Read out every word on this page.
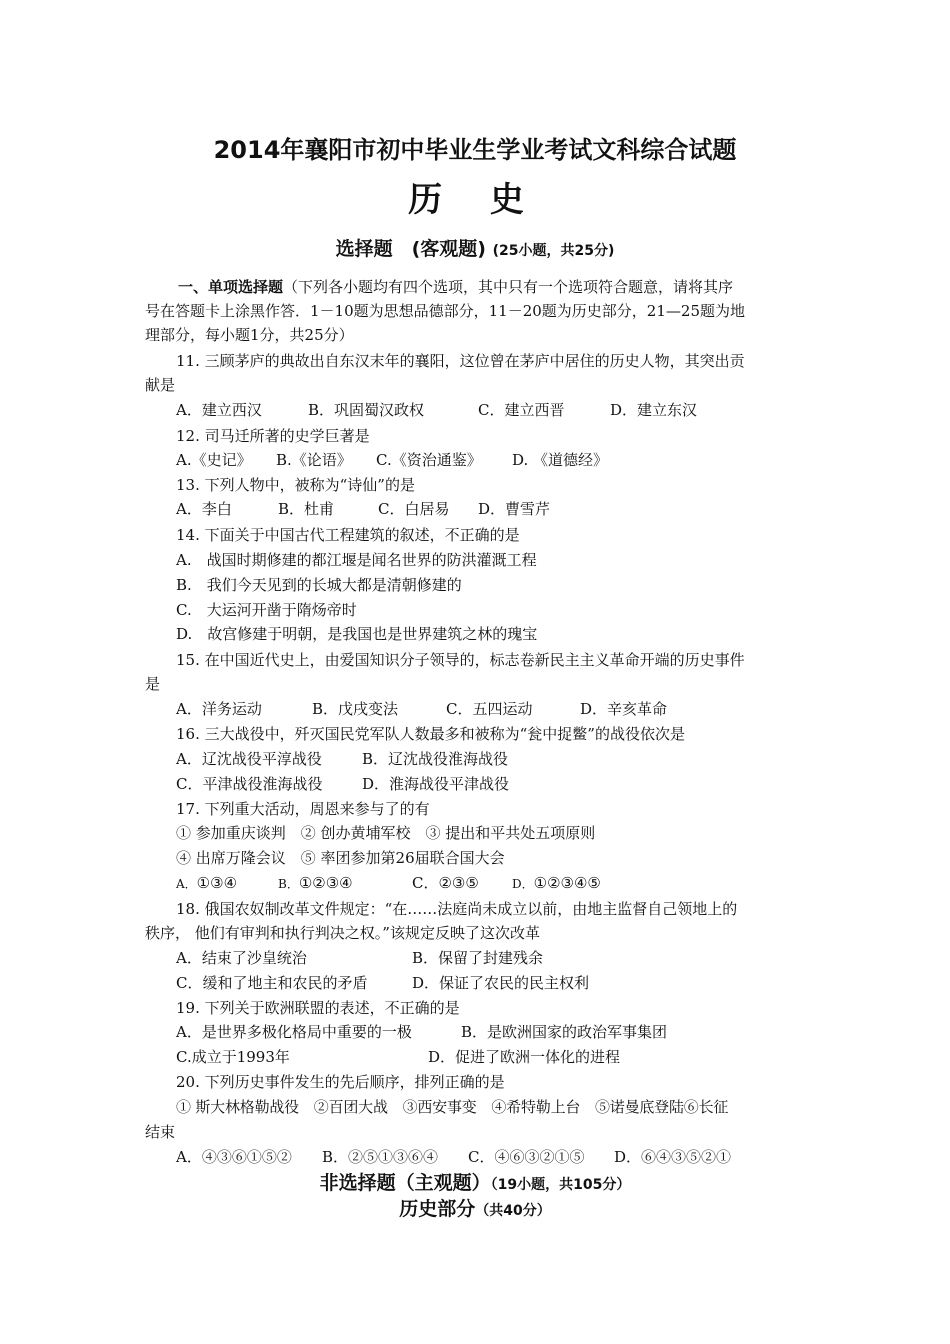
2014年襄阳市初中毕业生学业考试文科综合试题
历 史
选择题　(客观题) (25小题，共25分)
一、单项选择题（下列各小题均有四个选项，其中只有一个选项符合题意，请将其序
号在答题卡上涂黑作答．1－10题为思想品德部分，11－20题为历史部分，21—25题为地
理部分，每小题1分，共25分）
11. 三顾茅庐的典故出自东汉末年的襄阳，这位曾在茅庐中居住的历史人物，其突出贡
献是
A．建立西汉	B．巩固蜀汉政权	C．建立西晋	D．建立东汉
12. 司马迁所著的史学巨著是
A.《史记》 B.《论语》 C.《资治通鉴》 D. 《道德经》
13. 下列人物中，被称为“诗仙”的是
A．李白	B．杜甫	C．白居易 D．曹雪芹
14. 下面关于中国古代工程建筑的叙述，不正确的是
A.　战国时期修建的都江堰是闻名世界的防洪灌溉工程
B.　我们今天见到的长城大都是清朝修建的
C.　大运河开凿于隋炀帝时
D.　故宫修建于明朝，是我国也是世界建筑之林的瑰宝
15. 在中国近代史上，由爱国知识分子领导的，标志卷新民主主义革命开端的历史事件
是
A．洋务运动	B．戊戌变法	C．五四运动	D．辛亥革命
16. 三大战役中，歼灭国民党军队人数最多和被称为“瓮中捉鳖”的战役依次是
A．辽沈战役平淳战役	B．辽沈战役淮海战役
C．平津战役淮海战役	D．淮海战役平津战役
17. 下列重大活动，周恩来参与了的有
① 参加重庆谈判　② 创办黄埔军校　③ 提出和平共处五项原则
④ 出席万隆会议　⑤ 率团参加第26届联合国大会
A．①③④	B．①②③④	C．②③⑤	D．①②③④⑤
18. 俄国农奴制改革文件规定：“在……法庭尚未成立以前，由地主监督自己领地上的
秩序， 他们有审判和执行判决之权。”该规定反映了这次改革
A．结束了沙皇统治	B．保留了封建残余
C．缓和了地主和农民的矛盾	D．保证了农民的民主权利
19. 下列关于欧洲联盟的表述，不正确的是
A．是世界多极化格局中重要的一极	B．是欧洲国家的政治军事集团
C.成立于1993年	D．促进了欧洲一体化的进程
20. 下列历史事件发生的先后顺序，排列正确的是
① 斯大林格勒战役　②百团大战　③西安事变　④希特勒上台　⑤诺曼底登陆⑥长征
结束
A．④③⑥①⑤② B．②⑤①③⑥④ C．④⑥③②①⑤ D．⑥④③⑤②①
非选择题（主观题）（19小题，共105分）
历史部分（共40分）
